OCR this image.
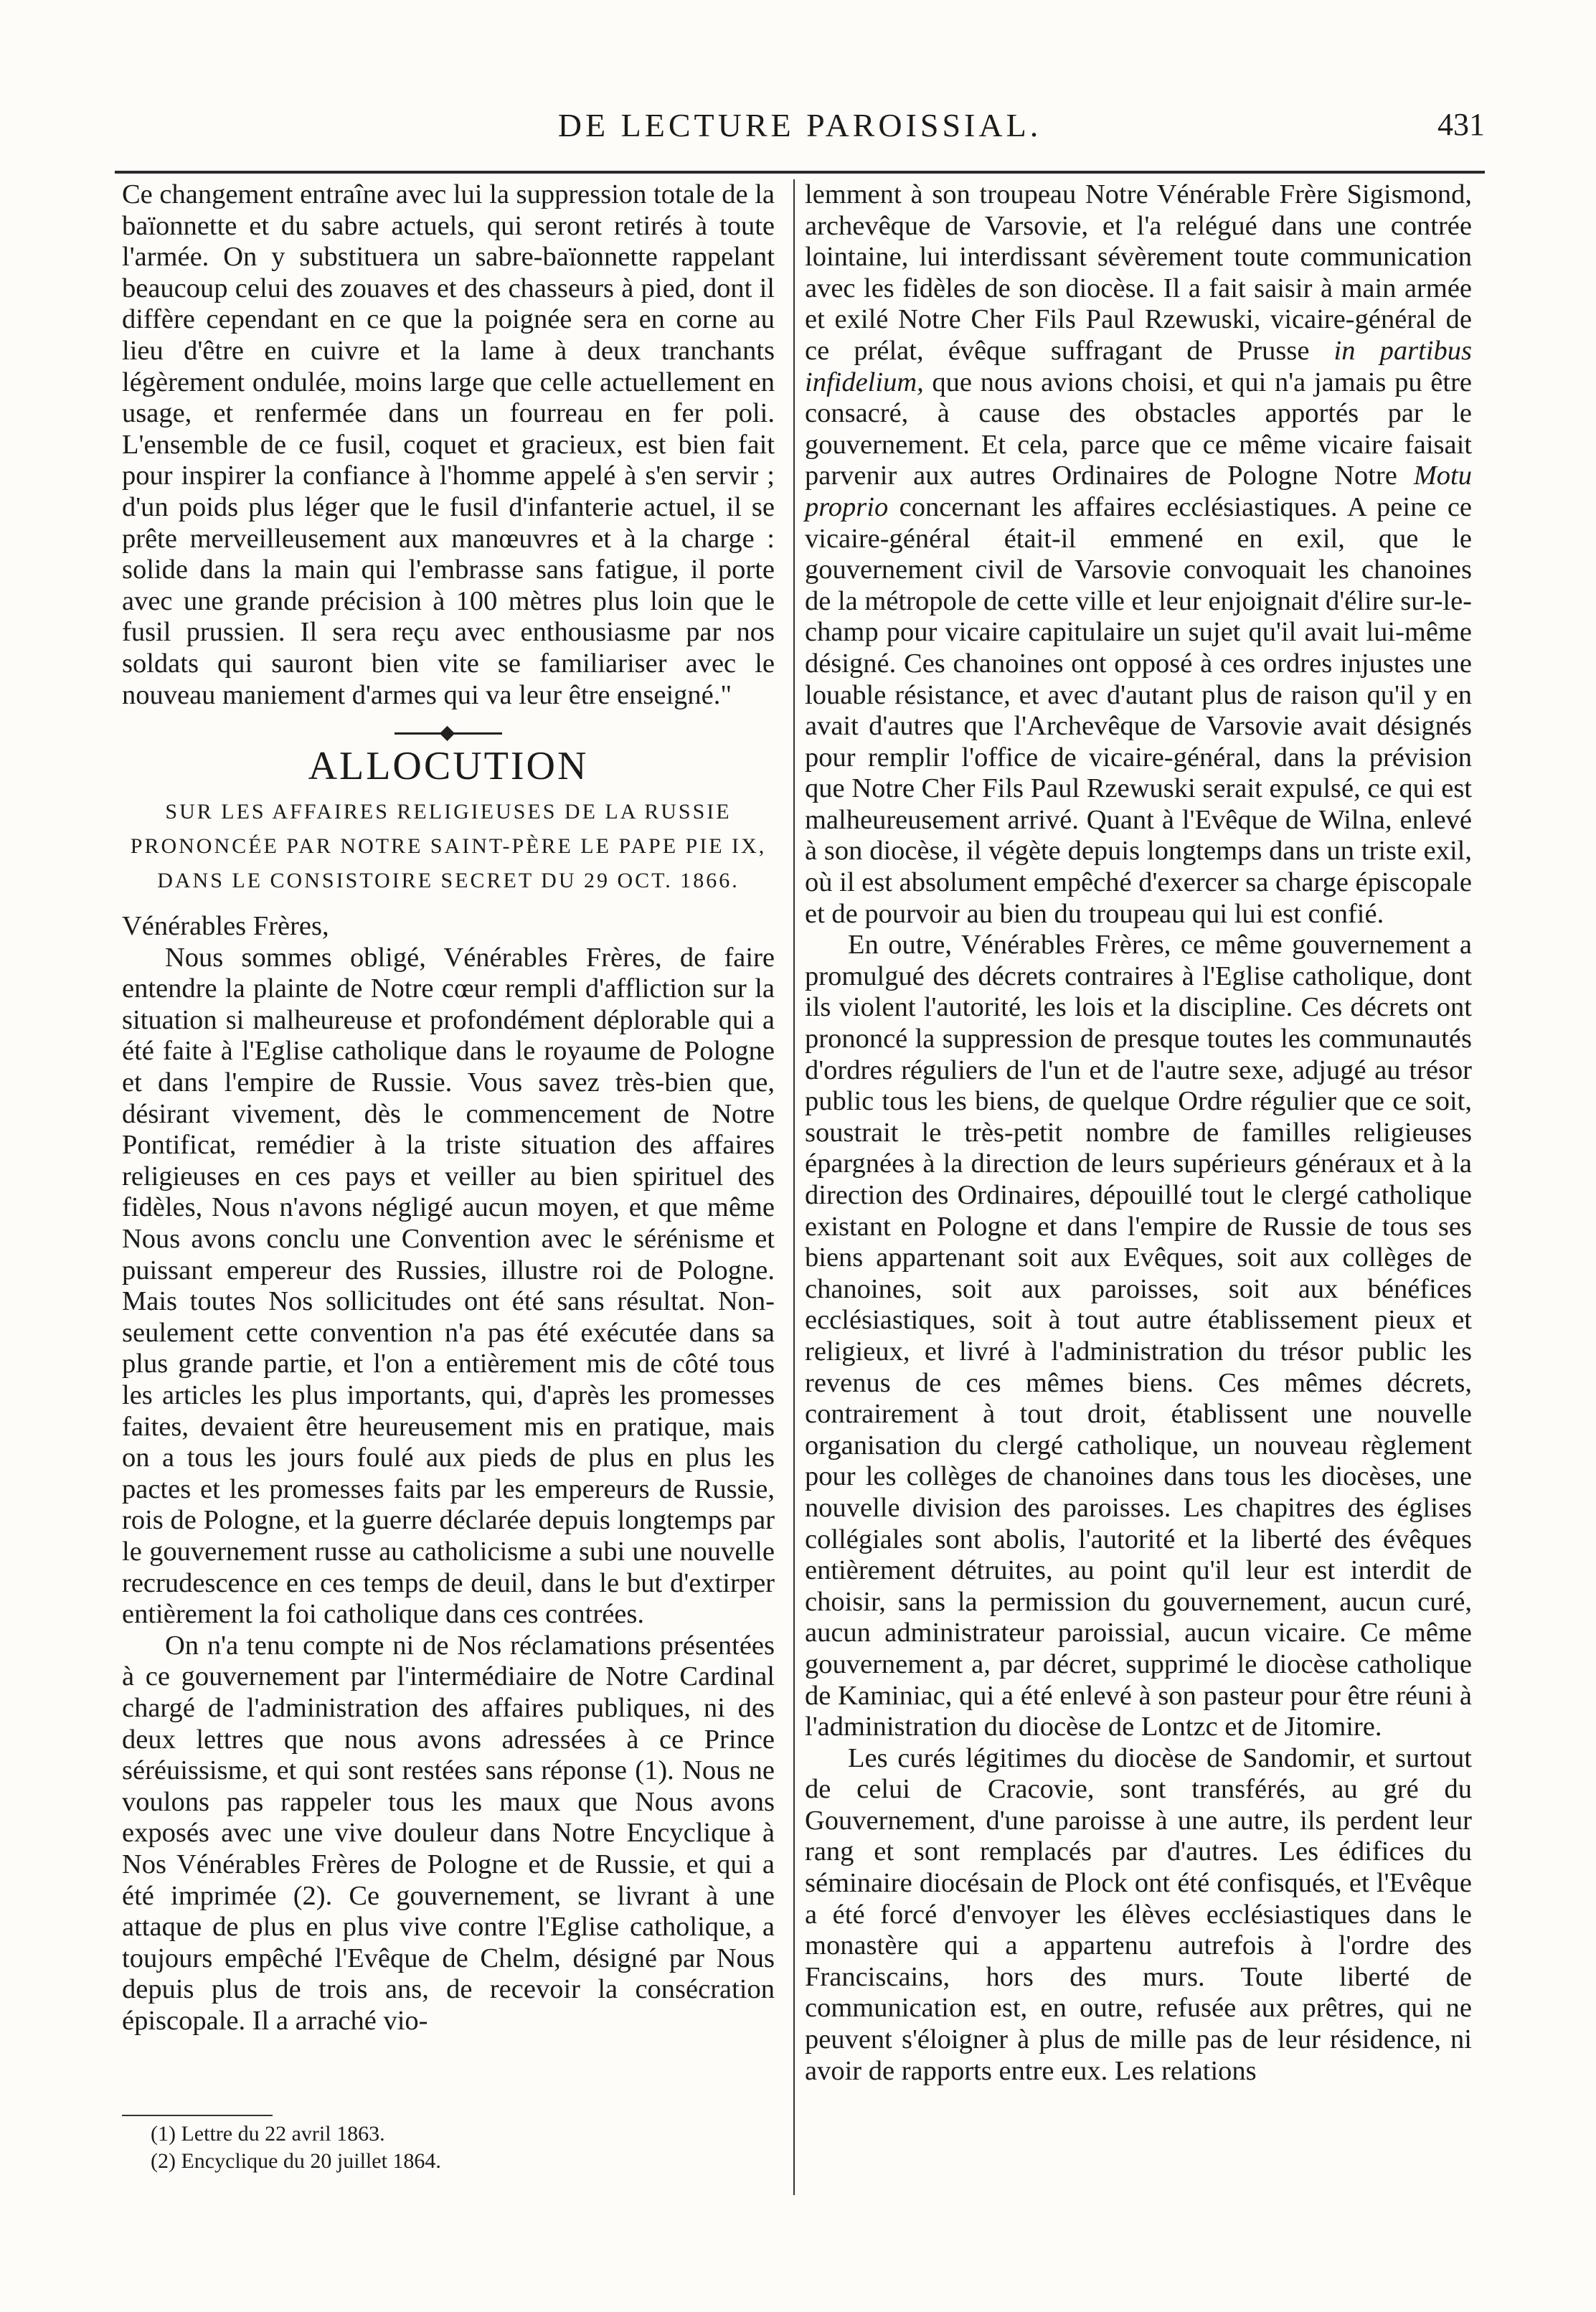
DE LECTURE PAROISSIAL.	431

Ce changement entraîne avec lui la suppression totale de la baïonnette et du sabre actuels, qui seront retirés à toute l'armée. On y substituera un sabre-baïonnette rappelant beaucoup celui des zouaves et des chasseurs à pied, dont il diffère cependant en ce que la poignée sera en corne au lieu d'être en cuivre et la lame à deux tranchants légèrement ondulée, moins large que celle actuellement en usage, et renfermée dans un fourreau en fer poli. L'ensemble de ce fusil, coquet et gracieux, est bien fait pour inspirer la confiance à l'homme appelé à s'en servir ; d'un poids plus léger que le fusil d'infanterie actuel, il se prête merveilleusement aux manœuvres et à la charge : solide dans la main qui l'embrasse sans fatigue, il porte avec une grande précision à 100 mètres plus loin que le fusil prussien. Il sera reçu avec enthousiasme par nos soldats qui sauront bien vite se familiariser avec le nouveau maniement d'armes qui va leur être enseigné."

ALLOCUTION
SUR LES AFFAIRES RELIGIEUSES DE LA RUSSIE PRONONCÉE PAR NOTRE SAINT-PÈRE LE PAPE PIE IX, DANS LE CONSISTOIRE SECRET DU 29 OCT. 1866.

Vénérables Frères,

Nous sommes obligé, Vénérables Frères, de faire entendre la plainte de Notre cœur rempli d'affliction sur la situation si malheureuse et profondément déplorable qui a été faite à l'Eglise catholique dans le royaume de Pologne et dans l'empire de Russie. Vous savez très-bien que, désirant vivement, dès le commencement de Notre Pontificat, remédier à la triste situation des affaires religieuses en ces pays et veiller au bien spirituel des fidèles, Nous n'avons négligé aucun moyen, et que même Nous avons conclu une Convention avec le sérénisme et puissant empereur des Russies, illustre roi de Pologne. Mais toutes Nos sollicitudes ont été sans résultat. Non-seulement cette convention n'a pas été exécutée dans sa plus grande partie, et l'on a entièrement mis de côté tous les articles les plus importants, qui, d'après les promesses faites, devaient être heureusement mis en pratique, mais on a tous les jours foulé aux pieds de plus en plus les pactes et les promesses faits par les empereurs de Russie, rois de Pologne, et la guerre déclarée depuis longtemps par le gouvernement russe au catholicisme a subi une nouvelle recrudescence en ces temps de deuil, dans le but d'extirper entièrement la foi catholique dans ces contrées.

On n'a tenu compte ni de Nos réclamations présentées à ce gouvernement par l'intermédiaire de Notre Cardinal chargé de l'administration des affaires publiques, ni des deux lettres que nous avons adressées à ce Prince séréuissisme, et qui sont restées sans réponse (1). Nous ne voulons pas rappeler tous les maux que Nous avons exposés avec une vive douleur dans Notre Encyclique à Nos Vénérables Frères de Pologne et de Russie, et qui a été imprimée (2). Ce gouvernement, se livrant à une attaque de plus en plus vive contre l'Eglise catholique, a toujours empêché l'Evêque de Chelm, désigné par Nous depuis plus de trois ans, de recevoir la consécration épiscopale. Il a arraché vio-

(1) Lettre du 22 avril 1863.

(2) Encyclique du 20 juillet 1864.

lemment à son troupeau Notre Vénérable Frère Sigismond, archevêque de Varsovie, et l'a relégué dans une contrée lointaine, lui interdissant sévèrement toute communication avec les fidèles de son diocèse. Il a fait saisir à main armée et exilé Notre Cher Fils Paul Rzewuski, vicaire-général de ce prélat, évêque suffragant de Prusse in partibus infidelium, que nous avions choisi, et qui n'a jamais pu être consacré, à cause des obstacles apportés par le gouvernement. Et cela, parce que ce même vicaire faisait parvenir aux autres Ordinaires de Pologne Notre Motu proprio concernant les affaires ecclésiastiques. A peine ce vicaire-général était-il emmené en exil, que le gouvernement civil de Varsovie convoquait les chanoines de la métropole de cette ville et leur enjoignait d'élire sur-le-champ pour vicaire capitulaire un sujet qu'il avait lui-même désigné. Ces chanoines ont opposé à ces ordres injustes une louable résistance, et avec d'autant plus de raison qu'il y en avait d'autres que l'Archevêque de Varsovie avait désignés pour remplir l'office de vicaire-général, dans la prévision que Notre Cher Fils Paul Rzewuski serait expulsé, ce qui est malheureusement arrivé. Quant à l'Evêque de Wilna, enlevé à son diocèse, il végète depuis longtemps dans un triste exil, où il est absolument empêché d'exercer sa charge épiscopale et de pourvoir au bien du troupeau qui lui est confié.

En outre, Vénérables Frères, ce même gouvernement a promulgué des décrets contraires à l'Eglise catholique, dont ils violent l'autorité, les lois et la discipline. Ces décrets ont prononcé la suppression de presque toutes les communautés d'ordres réguliers de l'un et de l'autre sexe, adjugé au trésor public tous les biens, de quelque Ordre régulier que ce soit, soustrait le très-petit nombre de familles religieuses épargnées à la direction de leurs supérieurs généraux et à la direction des Ordinaires, dépouillé tout le clergé catholique existant en Pologne et dans l'empire de Russie de tous ses biens appartenant soit aux Evêques, soit aux collèges de chanoines, soit aux paroisses, soit aux bénéfices ecclésiastiques, soit à tout autre établissement pieux et religieux, et livré à l'administration du trésor public les revenus de ces mêmes biens. Ces mêmes décrets, contrairement à tout droit, établissent une nouvelle organisation du clergé catholique, un nouveau règlement pour les collèges de chanoines dans tous les diocèses, une nouvelle division des paroisses. Les chapitres des églises collégiales sont abolis, l'autorité et la liberté des évêques entièrement détruites, au point qu'il leur est interdit de choisir, sans la permission du gouvernement, aucun curé, aucun administrateur paroissial, aucun vicaire. Ce même gouvernement a, par décret, supprimé le diocèse catholique de Kaminiac, qui a été enlevé à son pasteur pour être réuni à l'administration du diocèse de Lontzc et de Jitomire.

Les curés légitimes du diocèse de Sandomir, et surtout de celui de Cracovie, sont transférés, au gré du Gouvernement, d'une paroisse à une autre, ils perdent leur rang et sont remplacés par d'autres. Les édifices du séminaire diocésain de Plock ont été confisqués, et l'Evêque a été forcé d'envoyer les élèves ecclésiastiques dans le monastère qui a appartenu autrefois à l'ordre des Franciscains, hors des murs. Toute liberté de communication est, en outre, refusée aux prêtres, qui ne peuvent s'éloigner à plus de mille pas de leur résidence, ni avoir de rapports entre eux. Les relations
